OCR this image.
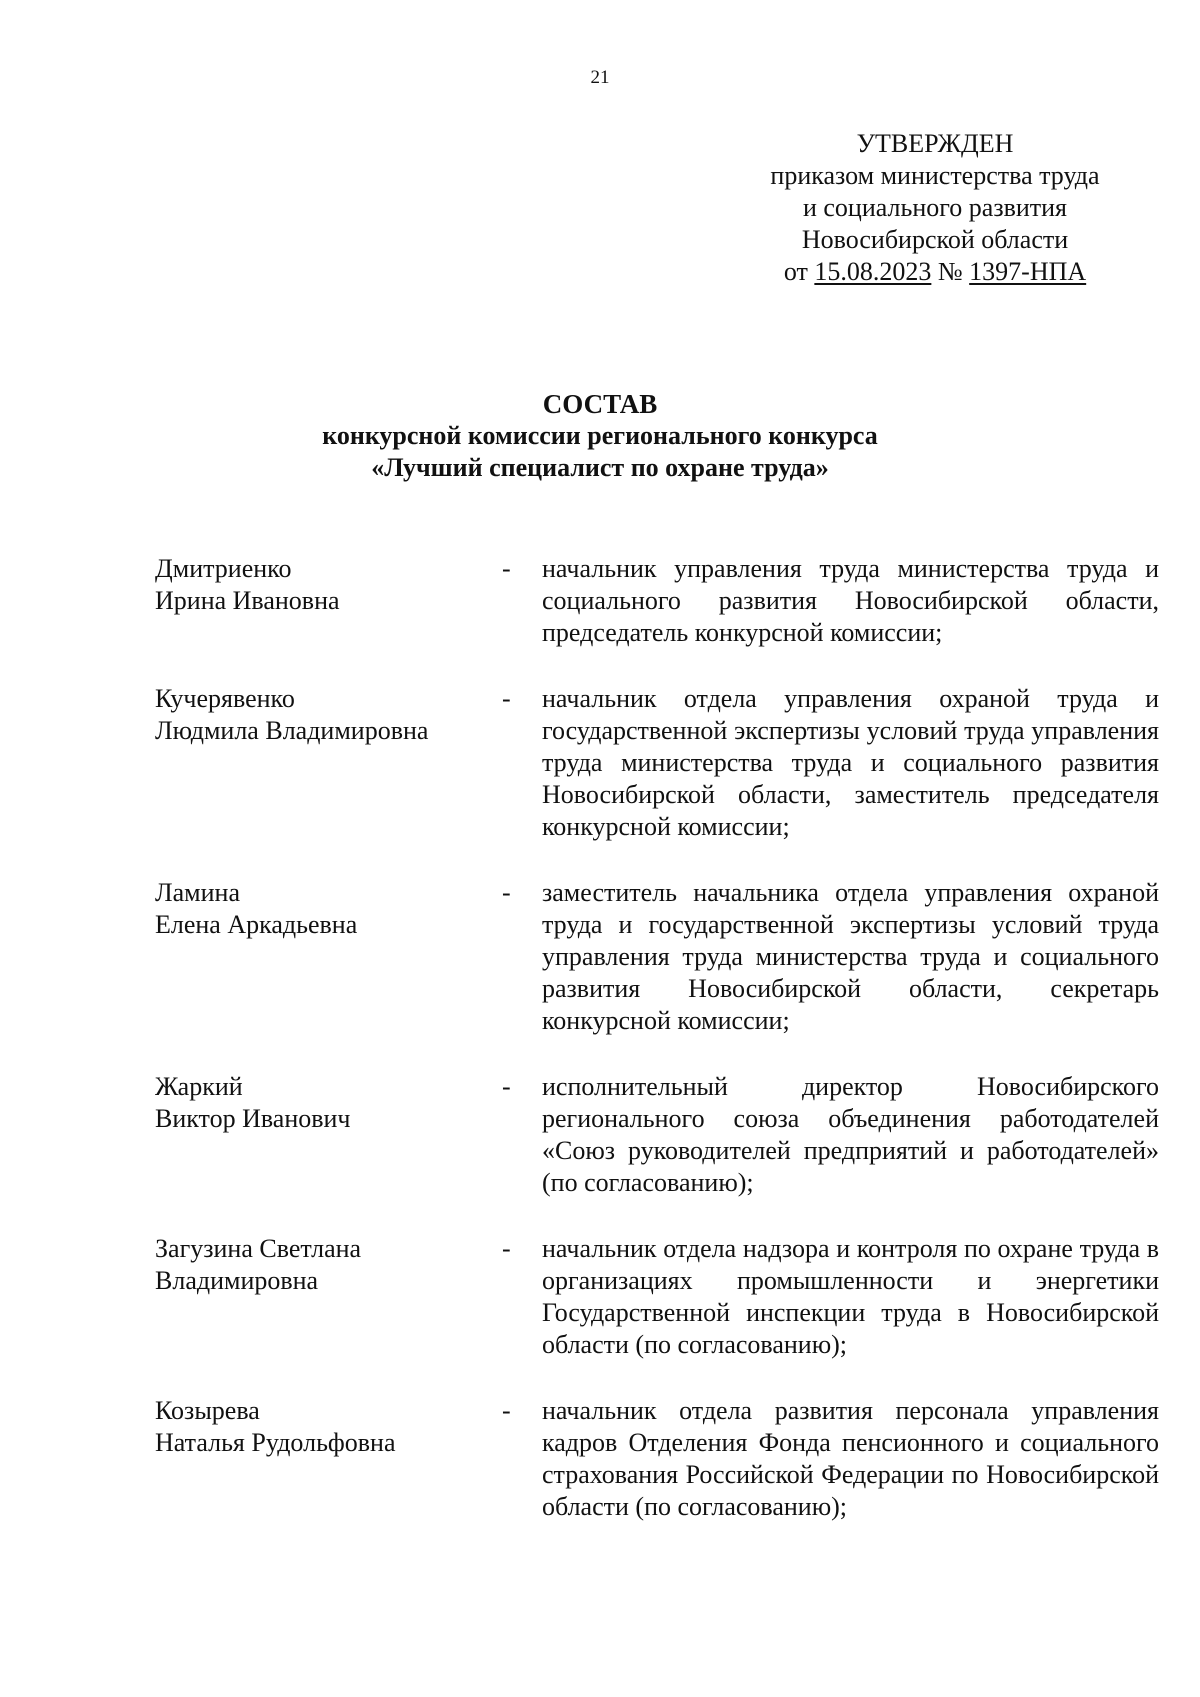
21
УТВЕРЖДЕН
приказом министерства труда
и социального развития
Новосибирской области
от 15.08.2023 № 1397-НПА
СОСТАВ
конкурсной комиссии регионального конкурса
«Лучший специалист по охране труда»
Дмитриенко
Ирина Ивановна
-	начальник управления труда министерства труда и социального развития Новосибирской области, председатель конкурсной комиссии;
Кучерявенко
Людмила Владимировна
-	начальник отдела управления охраной труда и государственной экспертизы условий труда управления труда министерства труда и социального развития Новосибирской области, заместитель председателя конкурсной комиссии;
Ламина
Елена Аркадьевна
-	заместитель начальника отдела управления охраной труда и государственной экспертизы условий труда управления труда министерства труда и социального развития Новосибирской области, секретарь конкурсной комиссии;
Жаркий
Виктор Иванович
-	исполнительный директор Новосибирского регионального союза объединения работодателей «Союз руководителей предприятий и работодателей» (по согласованию);
Загузина Светлана
Владимировна
-	начальник отдела надзора и контроля по охране труда в организациях промышленности и энергетики Государственной инспекции труда в Новосибирской области (по согласованию);
Козырева
Наталья Рудольфовна
-	начальник отдела развития персонала управления кадров Отделения Фонда пенсионного и социального страхования Российской Федерации по Новосибирской области (по согласованию);
